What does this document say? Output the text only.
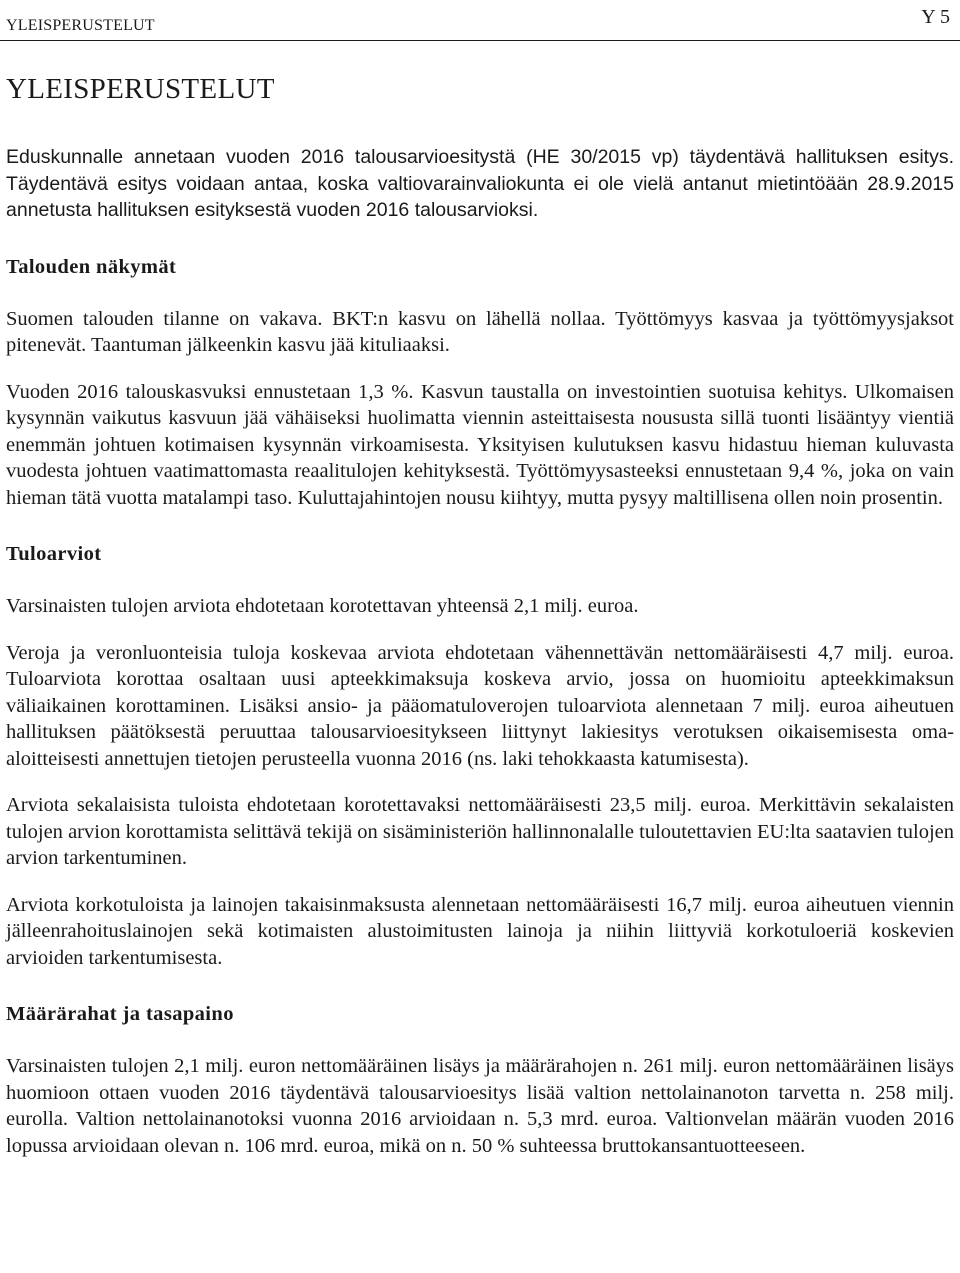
YLEISPERUSTELUT	Y 5
YLEISPERUSTELUT

Eduskunnalle annetaan vuoden 2016 talousarvioesitystä (HE 30/2015 vp) täydentävä hallituksen esitys. Täydentävä esitys voidaan antaa, koska valtiovarainvaliokunta ei ole vielä antanut mietintöään 28.9.2015 annetusta hallituksen esityksestä vuoden 2016 talousarvioksi.

Talouden näkymät

Suomen talouden tilanne on vakava. BKT:n kasvu on lähellä nollaa. Työttömyys kasvaa ja työttömyysjaksot pitenevät. Taantuman jälkeenkin kasvu jää kituliaaksi.

Vuoden 2016 talouskasvuksi ennustetaan 1,3 %. Kasvun taustalla on investointien suotuisa kehitys. Ulkomaisen kysynnän vaikutus kasvuun jää vähäiseksi huolimatta viennin asteittaisesta noususta sillä tuonti lisääntyy vientiä enemmän johtuen kotimaisen kysynnän virkoamisesta. Yksityisen kulutuksen kasvu hidastuu hieman kuluvasta vuodesta johtuen vaatimattomasta reaalitulojen kehityksestä. Työttömyysasteeksi ennustetaan 9,4 %, joka on vain hieman tätä vuotta matalampi taso. Kuluttajahintojen nousu kiihtyy, mutta pysyy maltillisena ollen noin prosentin.

Tuloarviot

Varsinaisten tulojen arviota ehdotetaan korotettavan yhteensä 2,1 milj. euroa.

Veroja ja veronluonteisia tuloja koskevaa arviota ehdotetaan vähennettävän nettomääräisesti 4,7 milj. euroa. Tuloarviota korottaa osaltaan uusi apteekkimaksuja koskeva arvio, jossa on huomioitu apteekkimaksun väliaikainen korottaminen. Lisäksi ansio- ja pääomatuloverojen tuloarviota alennetaan 7 milj. euroa aiheutuen hallituksen päätöksestä peruuttaa talousarvioesitykseen liittynyt lakiesitys verotuksen oikaisemisesta oma-aloitteisesti annettujen tietojen perusteella vuonna 2016 (ns. laki tehokkaasta katumisesta).

Arviota sekalaisista tuloista ehdotetaan korotettavaksi nettomääräisesti 23,5 milj. euroa. Merkittävin sekalaisten tulojen arvion korottamista selittävä tekijä on sisäministeriön hallinnonalalle tuloutettavien EU:lta saatavien tulojen arvion tarkentuminen.

Arviota korkotuloista ja lainojen takaisinmaksusta alennetaan nettomääräisesti 16,7 milj. euroa aiheutuen viennin jälleenrahoituslainojen sekä kotimaisten alustoimitusten lainoja ja niihin liittyviä korkotuloeriä koskevien arvioiden tarkentumisesta.

Määrärahat ja tasapaino

Varsinaisten tulojen 2,1 milj. euron nettomääräinen lisäys ja määrärahojen n. 261 milj. euron nettomääräinen lisäys huomioon ottaen vuoden 2016 täydentävä talousarvioesitys lisää valtion nettolainanoton tarvetta n. 258 milj. eurolla. Valtion nettolainanotoksi vuonna 2016 arvioidaan n. 5,3 mrd. euroa. Valtionvelan määrän vuoden 2016 lopussa arvioidaan olevan n. 106 mrd. euroa, mikä on n. 50 % suhteessa bruttokansantuotteeseen.
